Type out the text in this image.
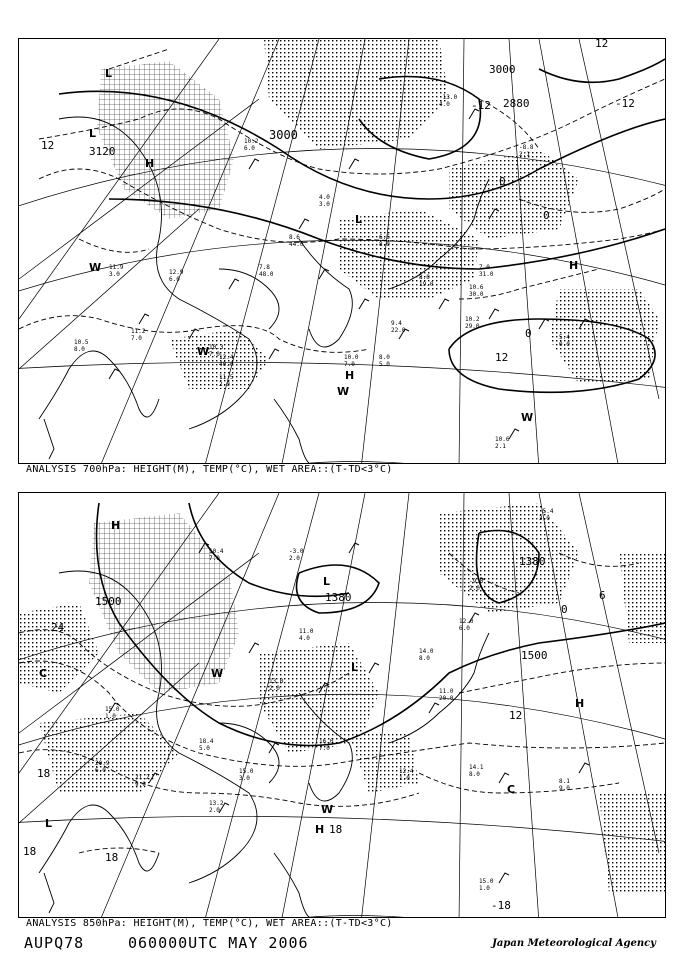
10.2
6.0
4.0
3.0
8.6
44.0
7.8
48.0
10.3
7.0	10.0
7.0
8.0
5.0
10.6
30.0
10.5
8.0
11.9
3.0	12.9
6.0
-13.0
4.0
-8.8
2.1
6.6
8.0
8.0
19.0
7.0
31.0
5.4
0.0
11.5
2.0
10.2 29.0
10.6 2.1
9.4 22.0
11.2 7.0
12.4 40.0
3000
3000
2880
3120
12
-12	-12
12
0
0
0
12
H
H
H
L
L
L
W
W
W
W
ANALYSIS 700hPa: HEIGHT(M), TEMP(°C), WET AREA::(T-TD<3°C)
10.4
7.0
11.0
4.0
13.0
2.0
16.0
7.0
15.0
3.0
11.0
20.0
12.0
6.0
12.4
1.0
-9.0
2.0
-5.4
3.0
18.4
5.0
-3.0
2.0
8.1
9.0
15.0
1.0
14.0
8.0
13.2 2.0
20.9 6.0
21.2 9.0
15.0 1.0
14.1 8.0
1500
1500
1380
1380
24
18
18	18
18
12
6
0
-18
H
H
H
L
L
L
C
C
W
W
ANALYSIS 850hPa: HEIGHT(M), TEMP(°C), WET AREA::(T-TD<3°C)
AUPQ78	060000UTC MAY 2006	Japan Meteorological Agency
